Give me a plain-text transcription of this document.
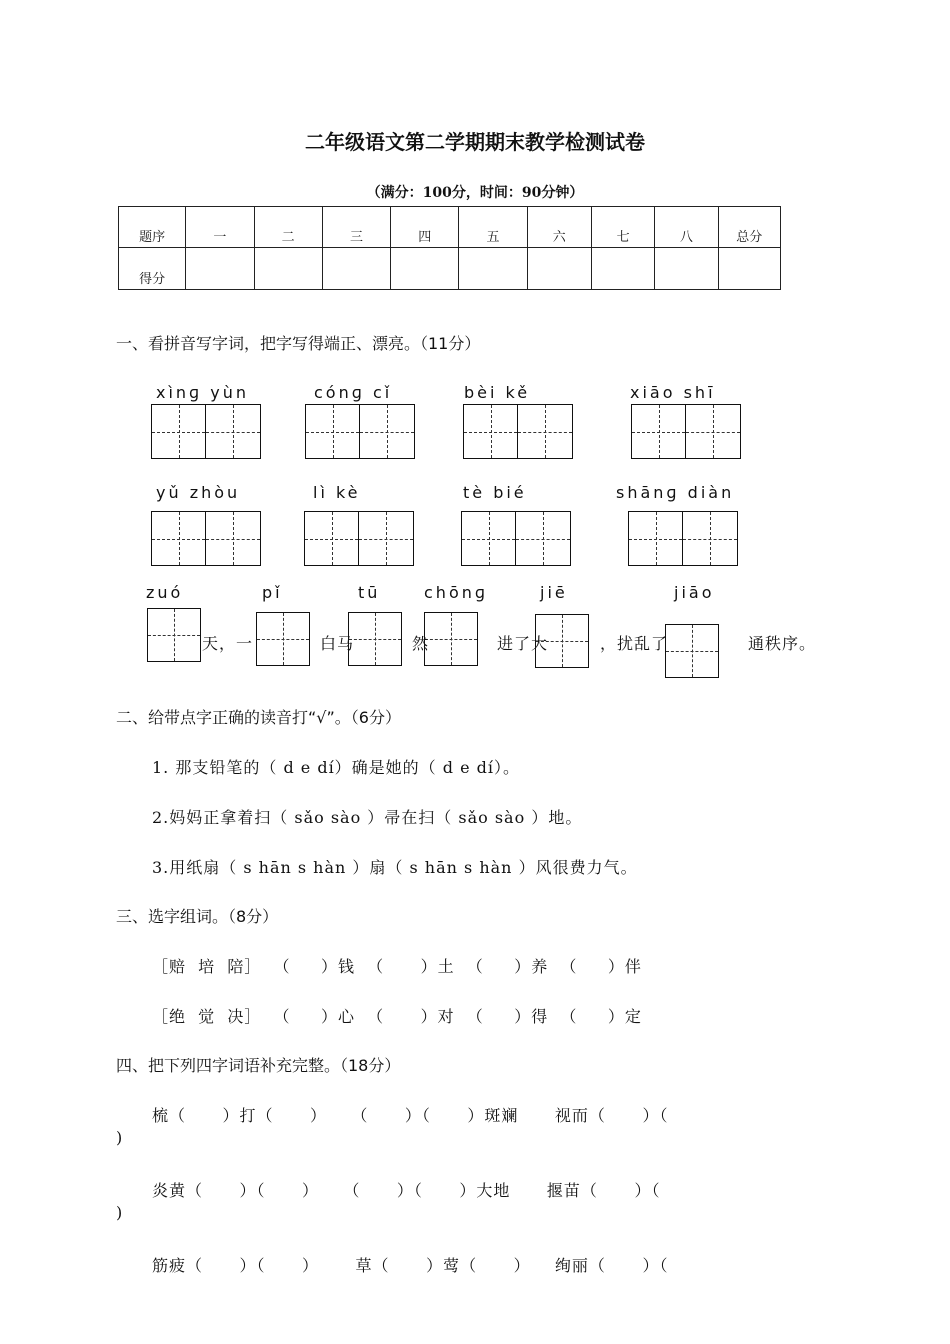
二年级语文第二学期期末教学检测试卷
（满分：100分，时间：90分钟）
题序	一	二	三	四	五	六	七	八	总分
得分									
一、看拼音写字词，把字写得端正、漂亮。（11分）
xìnɡ yùn	cónɡ cǐ	bèi kě	xiāo shī
yǔ zhòu	lì kè	tè bié	shānɡ diàn
zuó	pǐ	tū	chōnɡ	jiē	jiāo
天，一	白马	然	进了大	，扰乱了	通秩序。
二、给带点字正确的读音打“√”。（6分）
1. 那支铅笔的（ d e dí）确是她的（ d e dí）。
2.妈妈正拿着扫（ sǎo sào ）帚在扫（ sǎo sào ）地。
3.用纸扇（ s hān s hàn ）扇（ s hān s hàn ）风很费力气。
三、选字组词。（8分）
［赔  培  陪］  （     ）钱  （      ）土  （     ）养  （     ）伴
［绝  觉  决］  （     ）心  （      ）对  （     ）得  （     ）定
四、把下列四字词语补充完整。（18分）
梳（      ）打（      ）    （      ）（      ）斑斓      视而（      ）（
)
炎黄（      ）（      ）    （      ）（      ）大地      揠苗（      ）（
)
筋疲（      ）（      ）      草（      ）莺（      ）    绚丽（      ）（
